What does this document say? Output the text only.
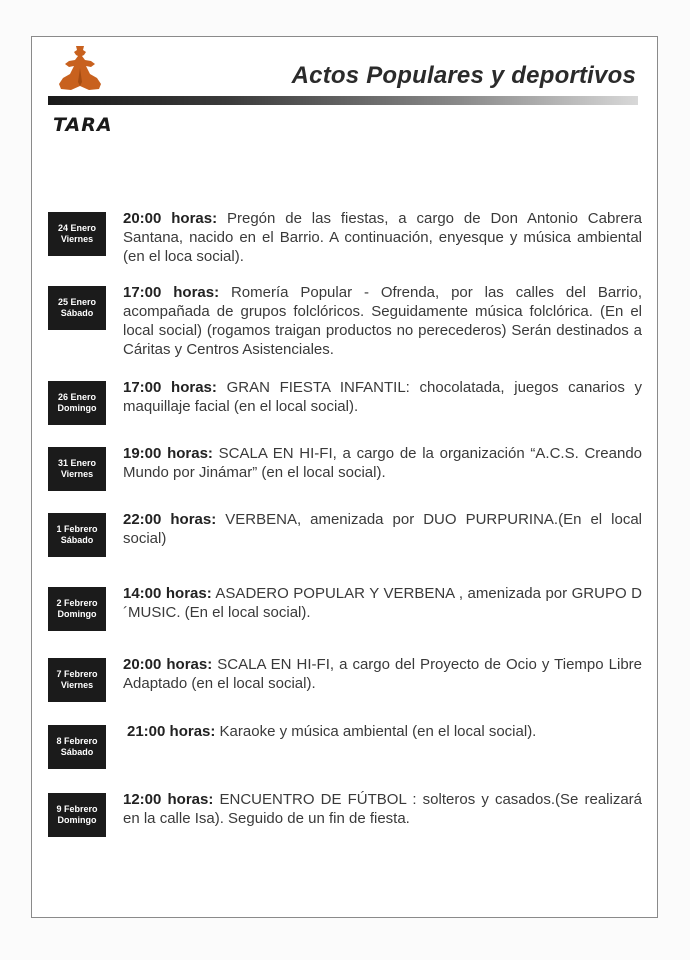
Actos Populares y deportivos
TARA
24 Enero
Viernes
20:00 horas: Pregón de las fiestas, a cargo de Don Antonio Cabrera Santana, nacido en el Barrio. A continuación, enyesque y música ambiental (en el loca social).
25 Enero
Sábado
17:00 horas: Romería Popular - Ofrenda, por las calles del Barrio, acompañada de grupos folclóricos. Seguidamente música folclórica. (En el local social) (rogamos traigan productos no perecederos) Serán destinados a Cáritas y Centros Asistenciales.
26 Enero
Domingo
17:00 horas: GRAN FIESTA INFANTIL: chocolatada, juegos canarios y maquillaje facial (en el local social).
31 Enero
Viernes
19:00 horas: SCALA EN HI-FI, a cargo de la organización “A.C.S. Creando Mundo por Jinámar” (en el local social).
1 Febrero
Sábado
22:00 horas: VERBENA, amenizada por DUO PURPURINA.(En el local social)
2 Febrero
Domingo
14:00 horas: ASADERO POPULAR Y VERBENA , amenizada por GRUPO D´MUSIC. (En el local social).
7 Febrero
Viernes
20:00 horas: SCALA EN HI-FI, a cargo del Proyecto de Ocio y Tiempo Libre Adaptado (en el local social).
8 Febrero
Sábado
21:00 horas: Karaoke y música ambiental (en el local social).
9 Febrero
Domingo
12:00 horas: ENCUENTRO DE FÚTBOL : solteros y casados.(Se realizará en la calle Isa). Seguido de un fin de fiesta.
